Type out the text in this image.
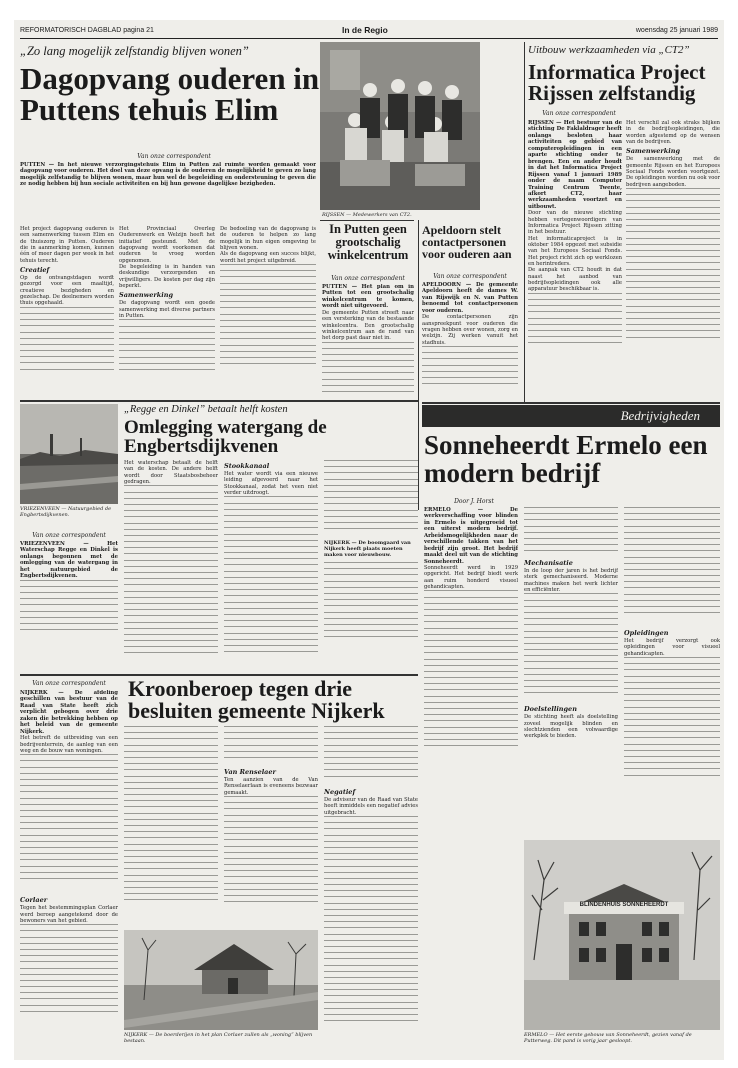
REFORMATORISCH DAGBLAD pagina 21	In de Regio	woensdag 25 januari 1989
„Zo lang mogelijk zelfstandig blijven wonen”
Dagopvang ouderen in Puttens tehuis Elim
Van onze correspondent
PUTTEN — In het nieuwe verzorgingstehuis Elim in Putten zal ruimte worden gemaakt voor dagopvang voor ouderen. Het doel van deze opvang is de ouderen de mogelijkheid te geven zo lang mogelijk zelfstandig te blijven wonen, maar hun wel de begeleiding en ondersteuning te geven die ze nodig hebben bij hun sociale activiteiten en bij hun gewone dagelijkse bezigheden.
Het project dagopvang ouderen is een samenwerking tussen Elim en de thuiszorg in Putten. Ouderen die in aanmerking komen, kunnen één of meer dagen per week in het tehuis terecht.
Creatief
Op de ontvangstdagen wordt gezorgd voor een maaltijd, creatieve bezigheden en gezelschap. De deelnemers worden thuis opgehaald.
Het Provinciaal Overleg Ouderenwerk en Welzijn heeft het initiatief gesteund. Met de dagopvang wordt voorkomen dat ouderen te vroeg worden opgenomen.
De begeleiding is in handen van deskundige verzorgenden en vrijwilligers. De kosten per dag zijn beperkt.
Samenwerking
De dagopvang wordt een goede samenwerking met diverse partners in Putten.
De bedoeling van de dagopvang is de ouderen te helpen zo lang mogelijk in hun eigen omgeving te blijven wonen.
Als de dagopvang een succes blijkt, wordt het project uitgebreid.
RIJSSEN — Medewerkers van CT2.
In Putten geen grootschalig winkelcentrum
Van onze correspondent
PUTTEN — Het plan om in Putten tot een grootschalig winkelcentrum te komen, wordt niet uitgevoerd.
De gemeente Putten streeft naar een versterking van de bestaande winkelcentra. Een grootschalig winkelcentrum aan de rand van het dorp past daar niet in.
Apeldoorn stelt contactpersonen voor ouderen aan
Van onze correspondent
APELDOORN — De gemeente Apeldoorn heeft de dames W. van Rijswijk en N. van Putten benoemd tot contactpersonen voor ouderen.
De contactpersonen zijn aanspreekpunt voor ouderen die vragen hebben over wonen, zorg en welzijn. Zij werken vanuit het stadhuis.
Uitbouw werkzaamheden via „CT2”
Informatica Project Rijssen zelfstandig
Van onze correspondent
RIJSSEN — Het bestuur van de stichting De Faklaldrager heeft onlangs besloten haar activiteiten op gebied van computeropleidingen in een aparte stichting onder te brengen. Een en ander houdt in dat het Informatica Project Rijssen vanaf 1 januari 1989 onder de naam Computer Training Centrum Twente, afkort CT2, haar werkzaamheden voortzet en uitbouwt.
Door van de nieuwe stichting hebben vertegenwoordigers van Informatica Project Rijssen zitting in het bestuur.
Het informaticaproject is in oktober 1984 opgezet met subsidie van het Europees Sociaal Fonds. Het project richt zich op werklozen en herintreders.
De aanpak van CT2 houdt in dat naast het aanbod van bedrijfsopleidingen ook alle apparatuur beschikbaar is.
Het verschil zal ook straks blijken in de bedrijfsopleidingen, die worden afgestemd op de wensen van de bedrijven.
Samenwerking
De samenwerking met de gemeente Rijssen en het Europees Sociaal Fonds worden voortgezet. De opleidingen worden nu ook voor bedrijven aangeboden.
„Regge en Dinkel” betaalt helft kosten
Omlegging watergang de Engbertsdijkvenen
VRIEZENVEEN — Natuurgebied de Engbertsdijkvenen.
Van onze correspondent
VRIEZENVEEN — Het Waterschap Regge en Dinkel is onlangs begonnen met de omlegging van de watergang in het natuurgebied de Engbertsdijkvenen.
Het waterschap betaalt de helft van de kosten. De andere helft wordt door Staatsbosbeheer gedragen.
Stookkanaal
Het water wordt via een nieuwe leiding afgevoerd naar het Stookkanaal, zodat het veen niet verder uitdroogt.
NIJKERK — De boomgaard van Nijkerk heeft plaats moeten maken voor nieuwbouw.
Bedrijvigheden
Sonneheerdt Ermelo een modern bedrijf
Door J. Horst
ERMELO — De werkverschaffing voor blinden in Ermelo is uitgegroeid tot een uiterst modern bedrijf. Arbeidsmogelijkheden naar de verschillende takken van het bedrijf zijn groot. Het bedrijf maakt deel uit van de stichting Sonneheerdt.
Sonneheerdt werd in 1929 opgericht. Het bedrijf biedt werk aan ruim honderd visueel gehandicapten.
Mechanisatie
In de loop der jaren is het bedrijf sterk gemechaniseerd. Moderne machines maken het werk lichter en efficiënter.
Doelstellingen
De stichting heeft als doelstelling zoveel mogelijk blinden en slechtzienden een volwaardige werkplek te bieden.
Opleidingen
Het bedrijf verzorgt ook opleidingen voor visueel gehandicapten.
BLINDENHUIS SONNEHEERDT
ERMELO — Het eerste gebouw van Sonneheerdt, gezien vanaf de Putterweg. Dit pand is vorig jaar gesloopt.
Van onze correspondent	Kroonberoep tegen drie besluiten gemeente Nijkerk
NIJKERK — De afdeling geschillen van bestuur van de Raad van State heeft zich verplicht gebogen over drie zaken die betrekking hebben op het beleid van de gemeente Nijkerk.
Het betreft de uitbreiding van een bedrijventerrein, de aanleg van een weg en de bouw van woningen.
Corlaer
Tegen het bestemmingsplan Corlaer werd beroep aangetekend door de bewoners van het gebied.
Van Renselaer
Ten aanzien van de Van Renselaerlaan is eveneens bezwaar gemaakt.	Negatief
De adviseur van de Raad van State heeft inmiddels een negatief advies uitgebracht.
NIJKERK — De boerderijen in het plan Corlaer zullen als „woning” blijven bestaan.
